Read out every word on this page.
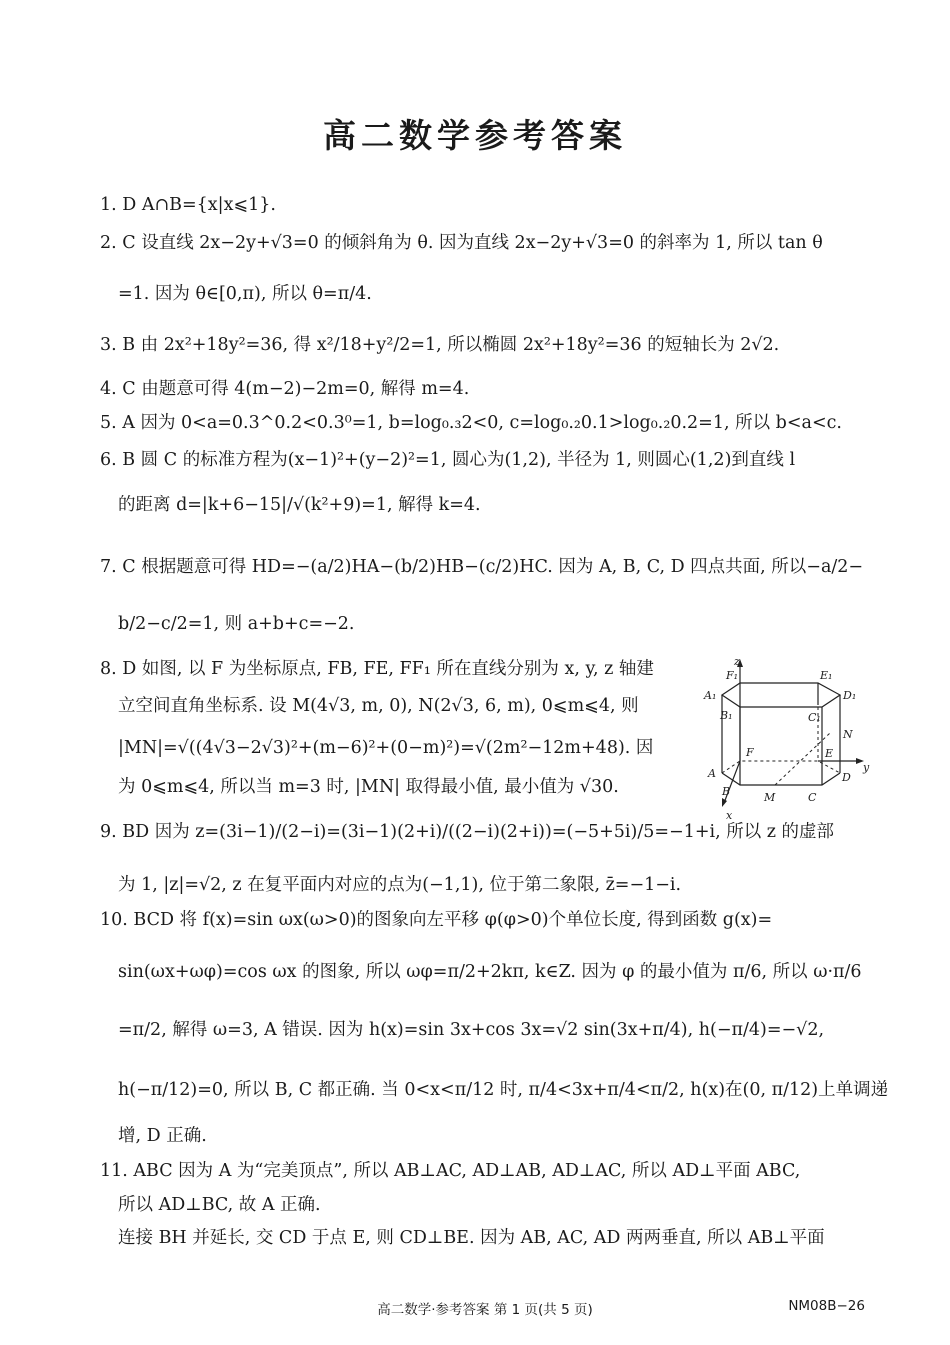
高二数学参考答案
1. D A∩B={x|x⩽1}.
2. C 设直线 2x−2y+√3=0 的倾斜角为 θ. 因为直线 2x−2y+√3=0 的斜率为 1, 所以 tan θ
=1. 因为 θ∈[0,π), 所以 θ=π/4.
3. B 由 2x²+18y²=36, 得 x²/18+y²/2=1, 所以椭圆 2x²+18y²=36 的短轴长为 2√2.
4. C 由题意可得 4(m−2)−2m=0, 解得 m=4.
5. A 因为 0<a=0.3^0.2<0.3⁰=1, b=log₀.₃2<0, c=log₀.₂0.1>log₀.₂0.2=1, 所以 b<a<c.
6. B 圆 C 的标准方程为(x−1)²+(y−2)²=1, 圆心为(1,2), 半径为 1, 则圆心(1,2)到直线 l
的距离 d=|k+6−15|/√(k²+9)=1, 解得 k=4.
7. C 根据题意可得 HD=−(a/2)HA−(b/2)HB−(c/2)HC. 因为 A, B, C, D 四点共面, 所以−a/2−
b/2−c/2=1, 则 a+b+c=−2.
8. D 如图, 以 F 为坐标原点, FB, FE, FF₁ 所在直线分别为 x, y, z 轴建
立空间直角坐标系. 设 M(4√3, m, 0), N(2√3, 6, m), 0⩽m⩽4, 则
|MN|=√((4√3−2√3)²+(m−6)²+(0−m)²)=√(2m²−12m+48). 因
为 0⩽m⩽4, 所以当 m=3 时, |MN| 取得最小值, 最小值为 √30.
9. BD 因为 z=(3i−1)/(2−i)=(3i−1)(2+i)/((2−i)(2+i))=(−5+5i)/5=−1+i, 所以 z 的虚部
为 1, |z|=√2, z 在复平面内对应的点为(−1,1), 位于第二象限, z̄=−1−i.
10. BCD 将 f(x)=sin ωx(ω>0)的图象向左平移 φ(φ>0)个单位长度, 得到函数 g(x)=
sin(ωx+ωφ)=cos ωx 的图象, 所以 ωφ=π/2+2kπ, k∈Z. 因为 φ 的最小值为 π/6, 所以 ω·π/6
=π/2, 解得 ω=3, A 错误. 因为 h(x)=sin 3x+cos 3x=√2 sin(3x+π/4), h(−π/4)=−√2,
h(−π/12)=0, 所以 B, C 都正确. 当 0<x<π/12 时, π/4<3x+π/4<π/2, h(x)在(0, π/12)上单调递
增, D 正确.
11. ABC 因为 A 为“完美顶点”, 所以 AB⊥AC, AD⊥AB, AD⊥AC, 所以 AD⊥平面 ABC,
所以 AD⊥BC, 故 A 正确.
连接 BH 并延长, 交 CD 于点 E, 则 CD⊥BE. 因为 AB, AC, AD 两两垂直, 所以 AB⊥平面
z
F₁	E₁
A₁	D₁
B₁	C₁
N
F	E
A	y
D
B	M	C
x
高二数学·参考答案 第 1 页(共 5 页)	NM08B−26
